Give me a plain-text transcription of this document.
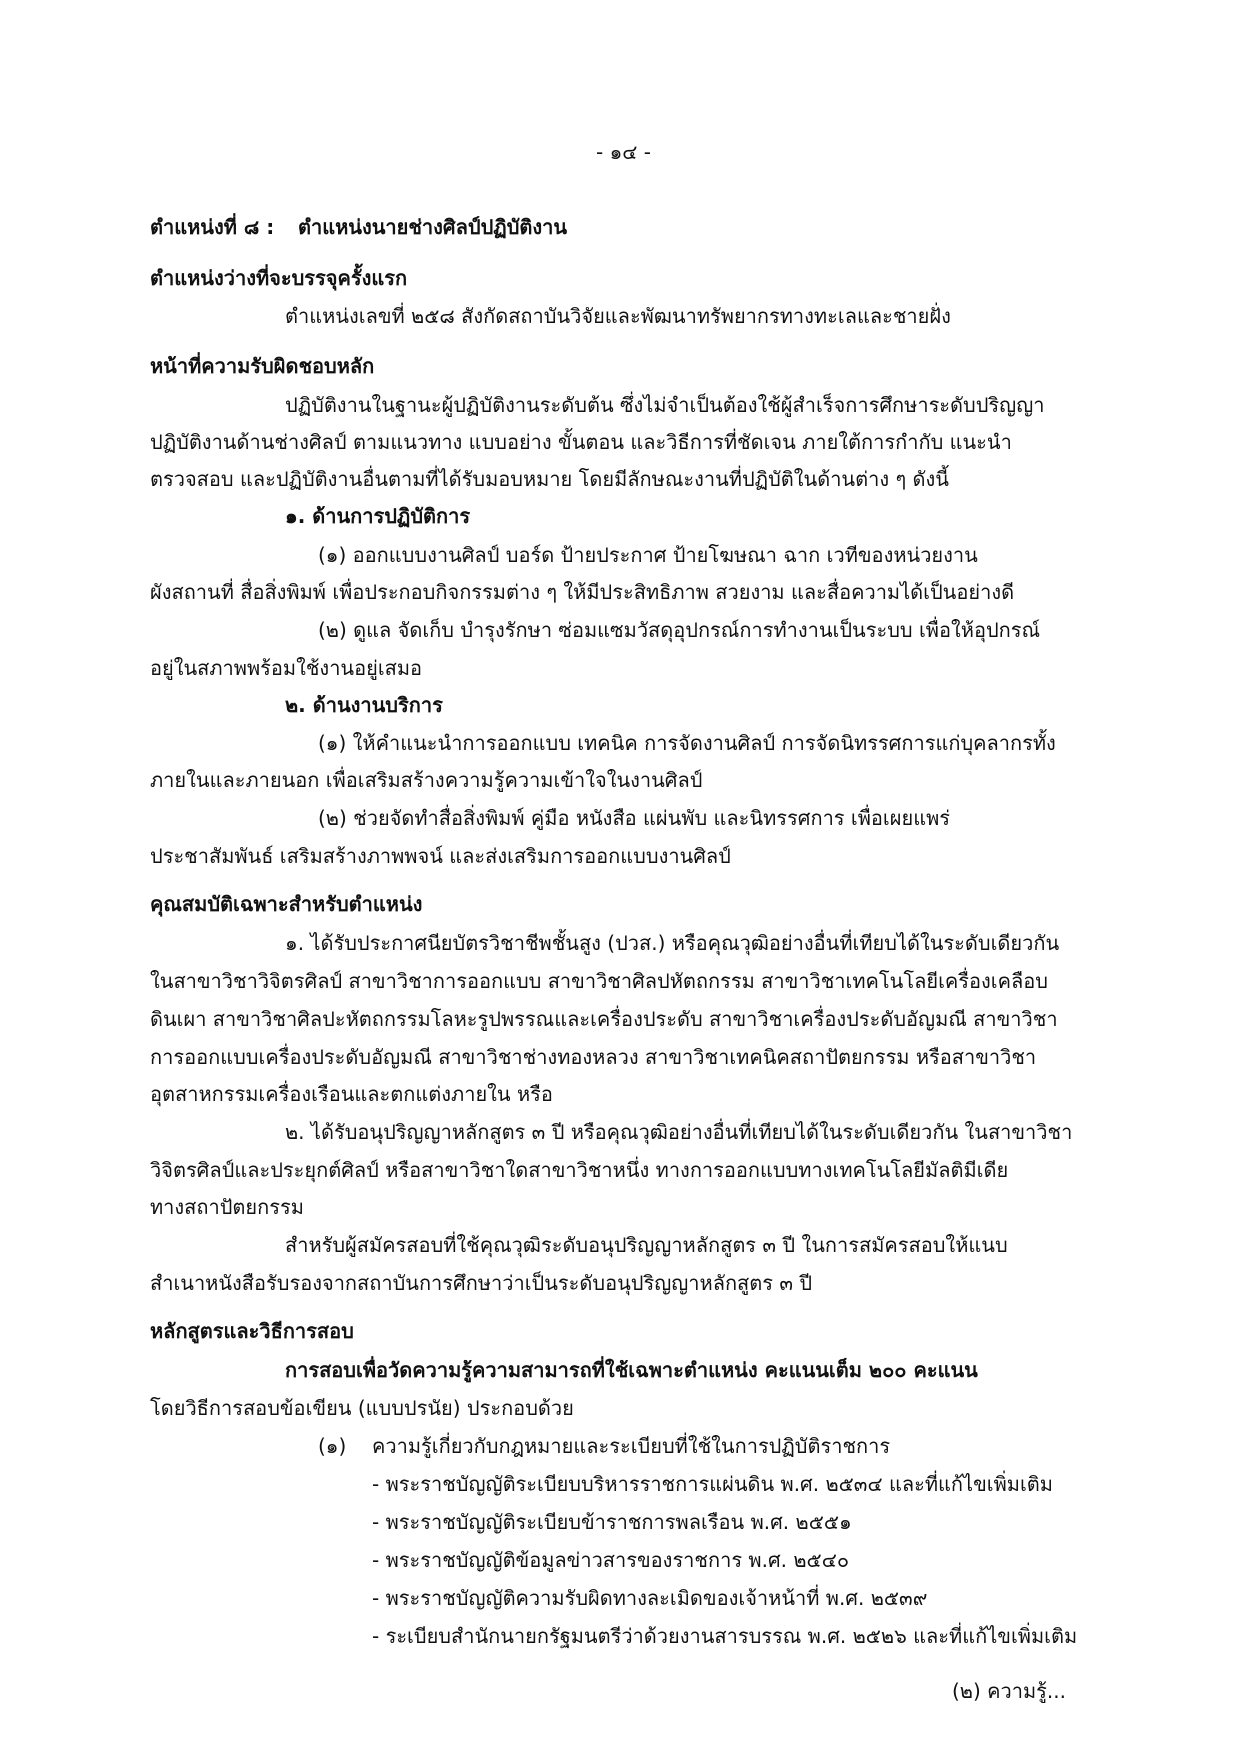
- ๑๔ -
ตำแหน่งที่ ๘ : ตำแหน่งนายช่างศิลป์ปฏิบัติงาน
ตำแหน่งว่างที่จะบรรจุครั้งแรก
ตำแหน่งเลขที่ ๒๕๘ สังกัดสถาบันวิจัยและพัฒนาทรัพยากรทางทะเลและชายฝั่ง
หน้าที่ความรับผิดชอบหลัก
ปฏิบัติงานในฐานะผู้ปฏิบัติงานระดับต้น ซึ่งไม่จำเป็นต้องใช้ผู้สำเร็จการศึกษาระดับปริญญา
ปฏิบัติงานด้านช่างศิลป์ ตามแนวทาง แบบอย่าง ขั้นตอน และวิธีการที่ชัดเจน ภายใต้การกำกับ แนะนำ
ตรวจสอบ และปฏิบัติงานอื่นตามที่ได้รับมอบหมาย โดยมีลักษณะงานที่ปฏิบัติในด้านต่าง ๆ ดังนี้
๑. ด้านการปฏิบัติการ
(๑) ออกแบบงานศิลป์ บอร์ด ป้ายประกาศ ป้ายโฆษณา ฉาก เวทีของหน่วยงาน
ผังสถานที่ สื่อสิ่งพิมพ์ เพื่อประกอบกิจกรรมต่าง ๆ ให้มีประสิทธิภาพ สวยงาม และสื่อความได้เป็นอย่างดี
(๒) ดูแล จัดเก็บ บำรุงรักษา ซ่อมแซมวัสดุอุปกรณ์การทำงานเป็นระบบ เพื่อให้อุปกรณ์
อยู่ในสภาพพร้อมใช้งานอยู่เสมอ
๒. ด้านงานบริการ
(๑) ให้คำแนะนำการออกแบบ เทคนิค การจัดงานศิลป์ การจัดนิทรรศการแก่บุคลากรทั้ง
ภายในและภายนอก เพื่อเสริมสร้างความรู้ความเข้าใจในงานศิลป์
(๒) ช่วยจัดทำสื่อสิ่งพิมพ์ คู่มือ หนังสือ แผ่นพับ และนิทรรศการ เพื่อเผยแพร่
ประชาสัมพันธ์ เสริมสร้างภาพพจน์ และส่งเสริมการออกแบบงานศิลป์
คุณสมบัติเฉพาะสำหรับตำแหน่ง
๑. ได้รับประกาศนียบัตรวิชาชีพชั้นสูง (ปวส.) หรือคุณวุฒิอย่างอื่นที่เทียบได้ในระดับเดียวกัน
ในสาขาวิชาวิจิตรศิลป์ สาขาวิชาการออกแบบ สาขาวิชาศิลปหัตถกรรม สาขาวิชาเทคโนโลยีเครื่องเคลือบ
ดินเผา สาขาวิชาศิลปะหัตถกรรมโลหะรูปพรรณและเครื่องประดับ สาขาวิชาเครื่องประดับอัญมณี สาขาวิชา
การออกแบบเครื่องประดับอัญมณี สาขาวิชาช่างทองหลวง สาขาวิชาเทคนิคสถาปัตยกรรม หรือสาขาวิชา
อุตสาหกรรมเครื่องเรือนและตกแต่งภายใน หรือ
๒. ได้รับอนุปริญญาหลักสูตร ๓ ปี หรือคุณวุฒิอย่างอื่นที่เทียบได้ในระดับเดียวกัน ในสาขาวิชา
วิจิตรศิลป์และประยุกต์ศิลป์ หรือสาขาวิชาใดสาขาวิชาหนึ่ง ทางการออกแบบทางเทคโนโลยีมัลติมีเดีย
ทางสถาปัตยกรรม
สำหรับผู้สมัครสอบที่ใช้คุณวุฒิระดับอนุปริญญาหลักสูตร ๓ ปี ในการสมัครสอบให้แนบ
สำเนาหนังสือรับรองจากสถาบันการศึกษาว่าเป็นระดับอนุปริญญาหลักสูตร ๓ ปี
หลักสูตรและวิธีการสอบ
การสอบเพื่อวัดความรู้ความสามารถที่ใช้เฉพาะตำแหน่ง คะแนนเต็ม ๒๐๐ คะแนน
โดยวิธีการสอบข้อเขียน (แบบปรนัย) ประกอบด้วย
(๑) ความรู้เกี่ยวกับกฎหมายและระเบียบที่ใช้ในการปฏิบัติราชการ
- พระราชบัญญัติระเบียบบริหารราชการแผ่นดิน พ.ศ. ๒๕๓๔ และที่แก้ไขเพิ่มเติม
- พระราชบัญญัติระเบียบข้าราชการพลเรือน พ.ศ. ๒๕๕๑
- พระราชบัญญัติข้อมูลข่าวสารของราชการ พ.ศ. ๒๕๔๐
- พระราชบัญญัติความรับผิดทางละเมิดของเจ้าหน้าที่ พ.ศ. ๒๕๓๙
- ระเบียบสำนักนายกรัฐมนตรีว่าด้วยงานสารบรรณ พ.ศ. ๒๕๒๖ และที่แก้ไขเพิ่มเติม
(๒) ความรู้...
